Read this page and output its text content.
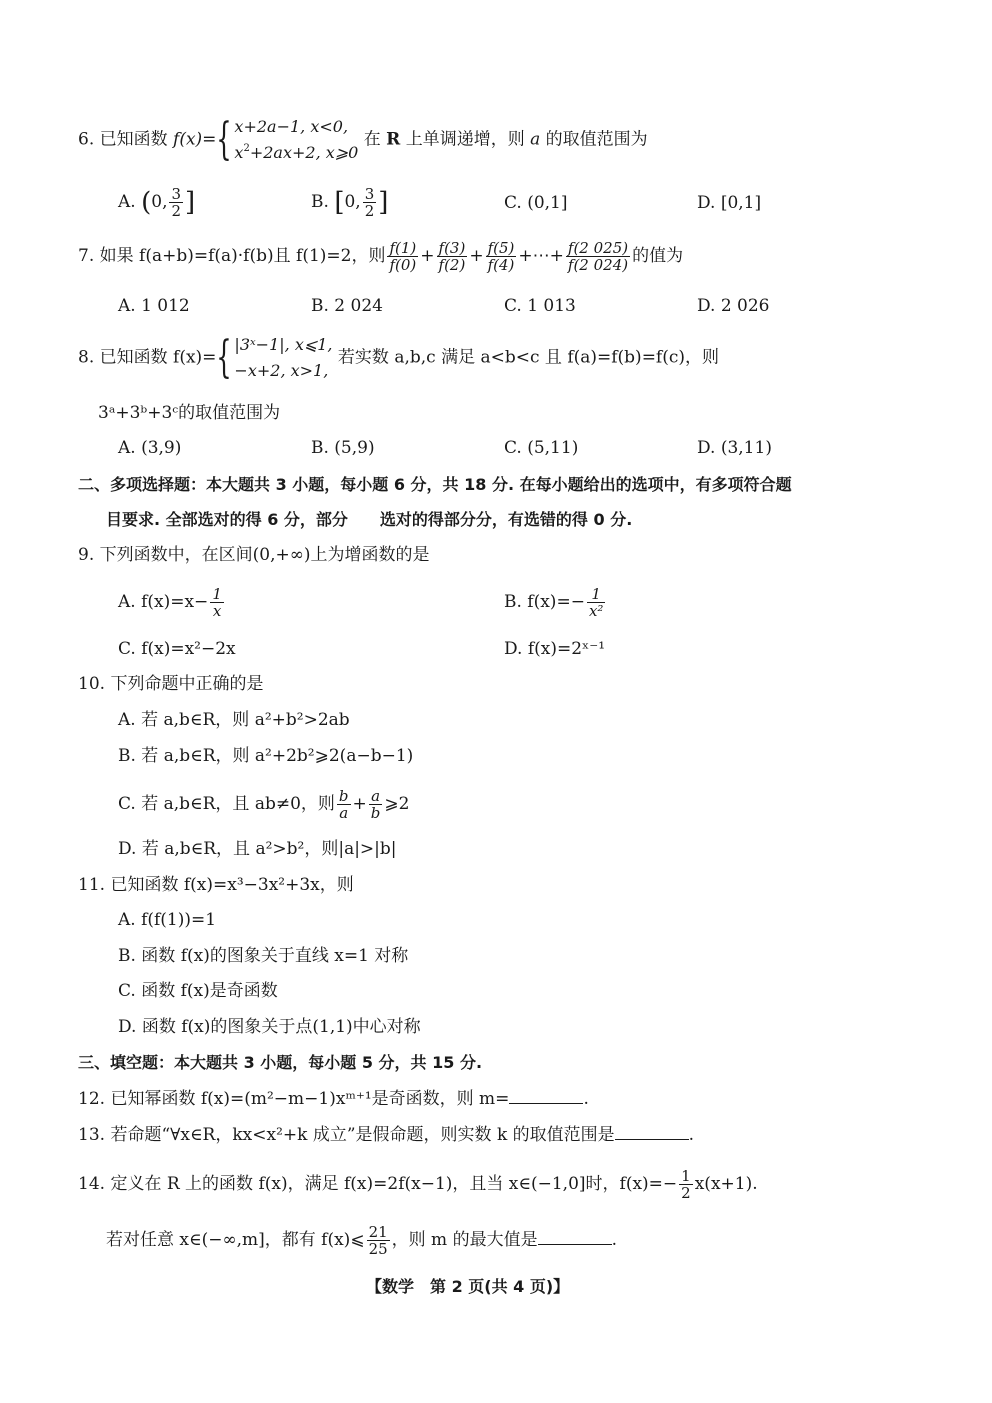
6. 已知函数 f(x)={ x+2a−1, x<0,
$x^2+2ax+2$, x⩾0
在 R 上单调递增，则 a 的取值范围为
A. (0, $\frac{3}{2}$ ]	B. [0, $\frac{3}{2}$ ]	C. (0,1]	D. [0,1]
7. 如果 f(a+b)=f(a)·f(b)且 f(1)=2，则 $\frac{f(1)}{f(0)} + \frac{f(3)}{f(2)} + \frac{f(5)}{f(4)}$ +⋯+ $\frac{f(2 025)}{f(2 024)}$ 的值为
A. 1 012	B. 2 024	C. 1 013	D. 2 026
8. 已知函数 f(x)={ |3ˣ−1|, x⩽1,
−x+2, x>1,
若实数 a,b,c 满足 a<b<c 且 f(a)=f(b)=f(c)，则
3ᵃ+3ᵇ+3ᶜ的取值范围为
A. (3,9)	B. (5,9)	C. (5,11)	D. (3,11)
二、多项选择题：本大题共 3 小题，每小题 6 分，共 18 分. 在每小题给出的选项中，有多项符合题
目要求. 全部选对的得 6 分，部分　　选对的得部分分，有选错的得 0 分.
9. 下列函数中，在区间(0,+∞)上为增函数的是
A. $f(x)=x- \frac{1}{x}$	B. $f(x)=- \frac{1}{\text{x²}}$
C. f(x)=x²−2x	D. f(x)=2ˣ⁻¹
10. 下列命题中正确的是
A. 若 a,b∈R，则 a²+b²>2ab
B. 若 a,b∈R，则 a²+2b²⩾2(a−b−1)
C. 若 a,b∈R，且 ab≠0，则 $\frac{b}{a} + \frac{a}{b}$ ⩾2
D. 若 a,b∈R，且 a²>b²，则|a|>|b|
11. 已知函数 f(x)=x³−3x²+3x，则
A. f(f(1))=1
B. 函数 f(x)的图象关于直线 x=1 对称
C. 函数 f(x)是奇函数
D. 函数 f(x)的图象关于点(1,1)中心对称
三、填空题：本大题共 3 小题，每小题 5 分，共 15 分.
12. 已知幂函数 f(x)=(m²−m−1)xᵐ⁺¹是奇函数，则 m=	.
13. 若命题“∀x∈R，kx<x²+k 成立”是假命题，则实数 k 的取值范围是	.
14. 定义在 R 上的函数 f(x)，满足 f(x)=2f(x−1)，且当 x∈(−1,0]时，$f(x)=- \frac{1}{2} x(x+1)$.
若对任意 x∈(−∞,m]，都有 f(x)⩽ $\frac{21}{25}$ ，则 m 的最大值是	.
【数学　第 2 页(共 4 页)】
